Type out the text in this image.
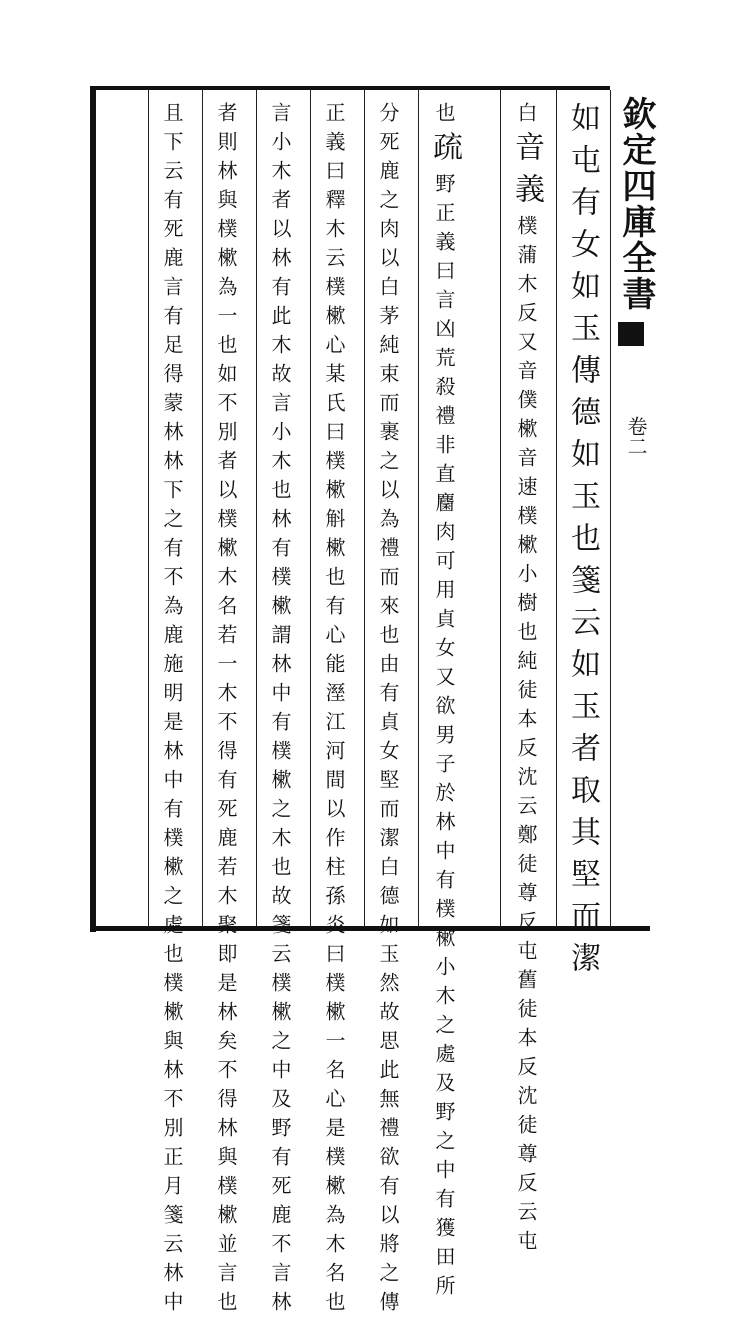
欽定四庫全書
卷二
如屯有女如玉傳德如玉也箋云如玉者取其堅而潔
白
音義
樸蒲木反又音僕樕音速樸樕小樹也純徒本反沈云鄭徒尊反屯舊徒本反沈徒尊反云屯
也
疏
野正義曰言凶荒殺禮非直麕肉可用貞女又欲男子於林中有樸樕小木之處及野之中有獲田所
分死鹿之肉以白茅純束而裹之以為禮而來也由有貞女堅而潔白德如玉然故思此無禮欲有以將之傳
正義曰釋木云樸樕心某氏曰樸樕斛樕也有心能溼江河間以作柱孫炎曰樸樕一名心是樸樕為木名也
言小木者以林有此木故言小木也林有樸樕謂林中有樸樕之木也故箋云樸樕之中及野有死鹿不言林
者則林與樸樕為一也如不別者以樸樕木名若一木不得有死鹿若木聚即是林矣不得林與樸樕並言也
且下云有死鹿言有足得蒙林林下之有不為鹿施明是林中有樸樕之處也樸樕與林不別正月箋云林中
